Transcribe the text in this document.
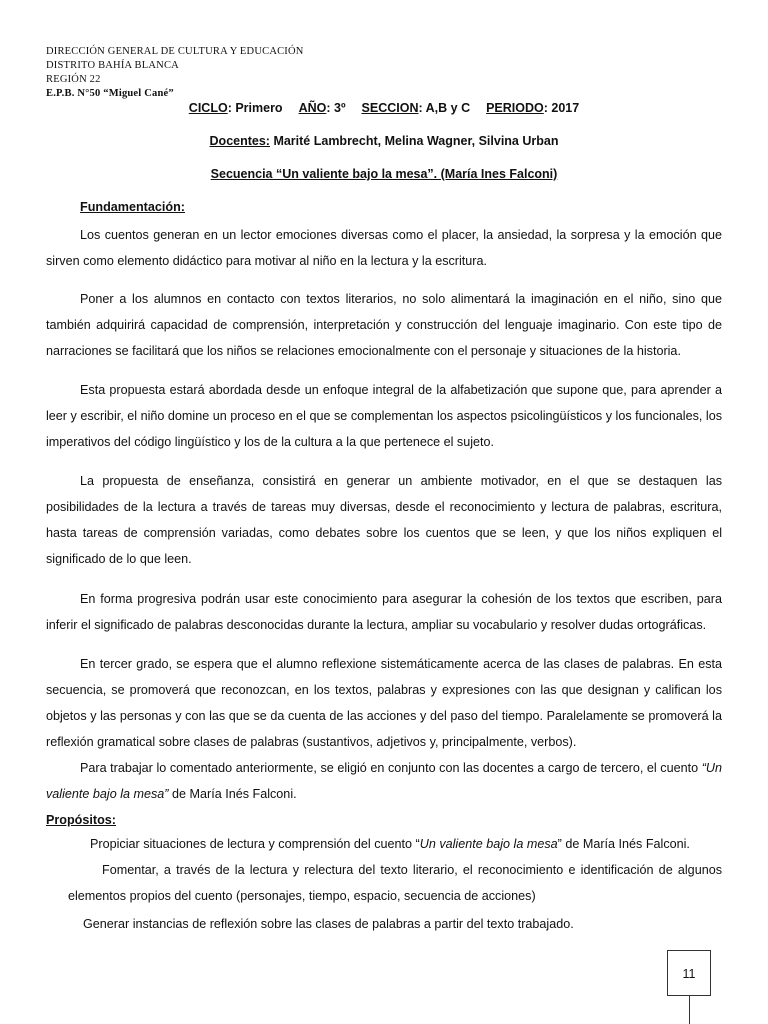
DIRECCIÓN GENERAL DE CULTURA Y EDUCACIÓN
DISTRITO BAHÍA BLANCA
REGIÓN 22
E.P.B. N°50 “Miguel Cané”
CICLO: Primero AÑO: 3º SECCION: A,B y C PERIODO: 2017
Docentes: Marité Lambrecht, Melina Wagner, Silvina Urban
Secuencia “Un valiente bajo la mesa”. (María Ines Falconi)
Fundamentación:
Los cuentos generan en un lector emociones diversas como el placer, la ansiedad, la sorpresa y la emoción que sirven como elemento didáctico para motivar al niño en la lectura y la escritura.
Poner a los alumnos en contacto con textos literarios, no solo alimentará la imaginación en el niño, sino que también adquirirá capacidad de comprensión, interpretación y construcción del lenguaje imaginario. Con este tipo de narraciones se facilitará que los niños se relaciones emocionalmente con el personaje y situaciones de la historia.
Esta propuesta estará abordada desde un enfoque integral de la alfabetización que supone que, para aprender a leer y escribir, el niño domine un proceso en el que se complementan los aspectos psicolingüísticos y los funcionales, los imperativos del código lingüístico y los de la cultura a la que pertenece el sujeto.
La propuesta de enseñanza, consistirá en generar un ambiente motivador, en el que se destaquen las posibilidades de la lectura a través de tareas muy diversas, desde el reconocimiento y lectura de palabras, escritura, hasta tareas de comprensión variadas, como debates sobre los cuentos que se leen, y que los niños expliquen el significado de lo que leen.
En forma progresiva podrán usar este conocimiento para asegurar la cohesión de los textos que escriben, para inferir el significado de palabras desconocidas durante la lectura, ampliar su vocabulario y resolver dudas ortográficas.
En tercer grado, se espera que el alumno reflexione sistemáticamente acerca de las clases de palabras. En esta secuencia, se promoverá que reconozcan, en los textos, palabras y expresiones con las que designan y califican los objetos y las personas y con las que se da cuenta de las acciones y del paso del tiempo. Paralelamente se promoverá la reflexión gramatical sobre clases de palabras (sustantivos, adjetivos y, principalmente, verbos).
Para trabajar lo comentado anteriormente, se eligió en conjunto con las docentes a cargo de tercero, el cuento “Un valiente bajo la mesa” de María Inés Falconi.
Propósitos:
Propiciar situaciones de lectura y comprensión del cuento “Un valiente bajo la mesa” de María Inés Falconi.
Fomentar, a través de la lectura y relectura del texto literario, el reconocimiento e identificación de algunos elementos propios del cuento (personajes, tiempo, espacio, secuencia de acciones)
Generar instancias de reflexión sobre las clases de palabras a partir del texto trabajado.
11
